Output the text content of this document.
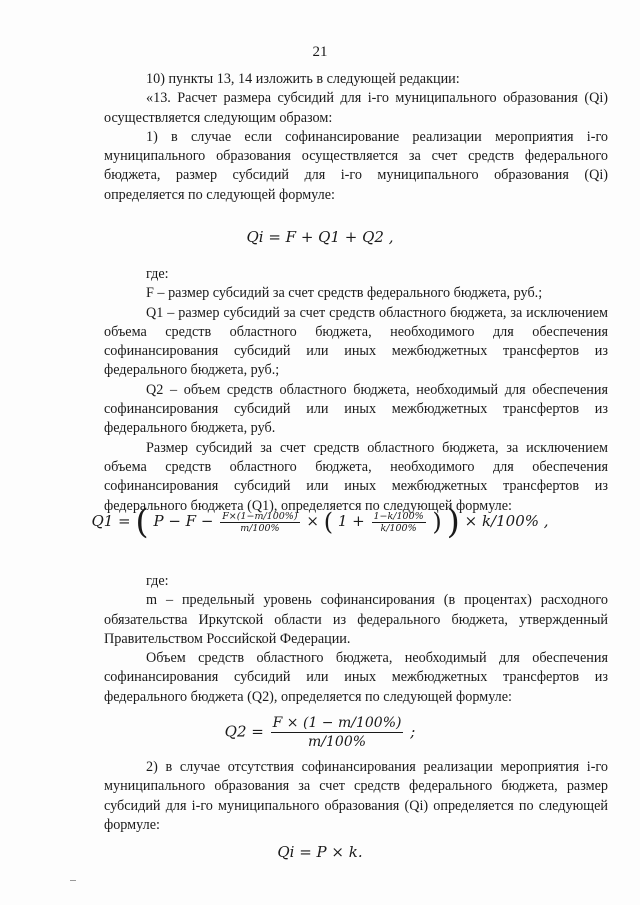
21

10) пункты 13, 14 изложить в следующей редакции:

«13. Расчет размера субсидий для i-го муниципального образования (Qi) осуществляется следующим образом:

1) в случае если софинансирование реализации мероприятия i-го муниципального образования осуществляется за счет средств федерального бюджета, размер субсидий для i-го муниципального образования (Qi) определяется по следующей формуле:

Qi = F + Q1 + Q2 ,

где:

F – размер субсидий за счет средств федерального бюджета, руб.;

Q1 – размер субсидий за счет средств областного бюджета, за исключением объема средств областного бюджета, необходимого для обеспечения софинансирования субсидий или иных межбюджетных трансфертов из федерального бюджета, руб.;

Q2 – объем средств областного бюджета, необходимый для обеспечения софинансирования субсидий или иных межбюджетных трансфертов из федерального бюджета, руб.

Размер субсидий за счет средств областного бюджета, за исключением объема средств областного бюджета, необходимого для обеспечения софинансирования субсидий или иных межбюджетных трансфертов из федерального бюджета (Q1), определяется по следующей формуле:

Q1 = ( $P - F - \frac{F\times(1-m/100\%)}{m/100\%}$ × ( $1 + \frac{1-k/100\%}{k/100\%}$ ) ) × k/100% ,

где:

m – предельный уровень софинансирования (в процентах) расходного обязательства Иркутской области из федерального бюджета, утвержденный Правительством Российской Федерации.

Объем средств областного бюджета, необходимый для обеспечения софинансирования субсидий или иных межбюджетных трансфертов из федерального бюджета (Q2), определяется по следующей формуле:

$Q2 = \frac{F \times (1 - m/100\%)}{m/100\%}$ ;

2) в случае отсутствия софинансирования реализации мероприятия i-го муниципального образования за счет средств федерального бюджета, размер субсидий для i-го муниципального образования (Qi) определяется по следующей формуле:

Qi = P × k.
